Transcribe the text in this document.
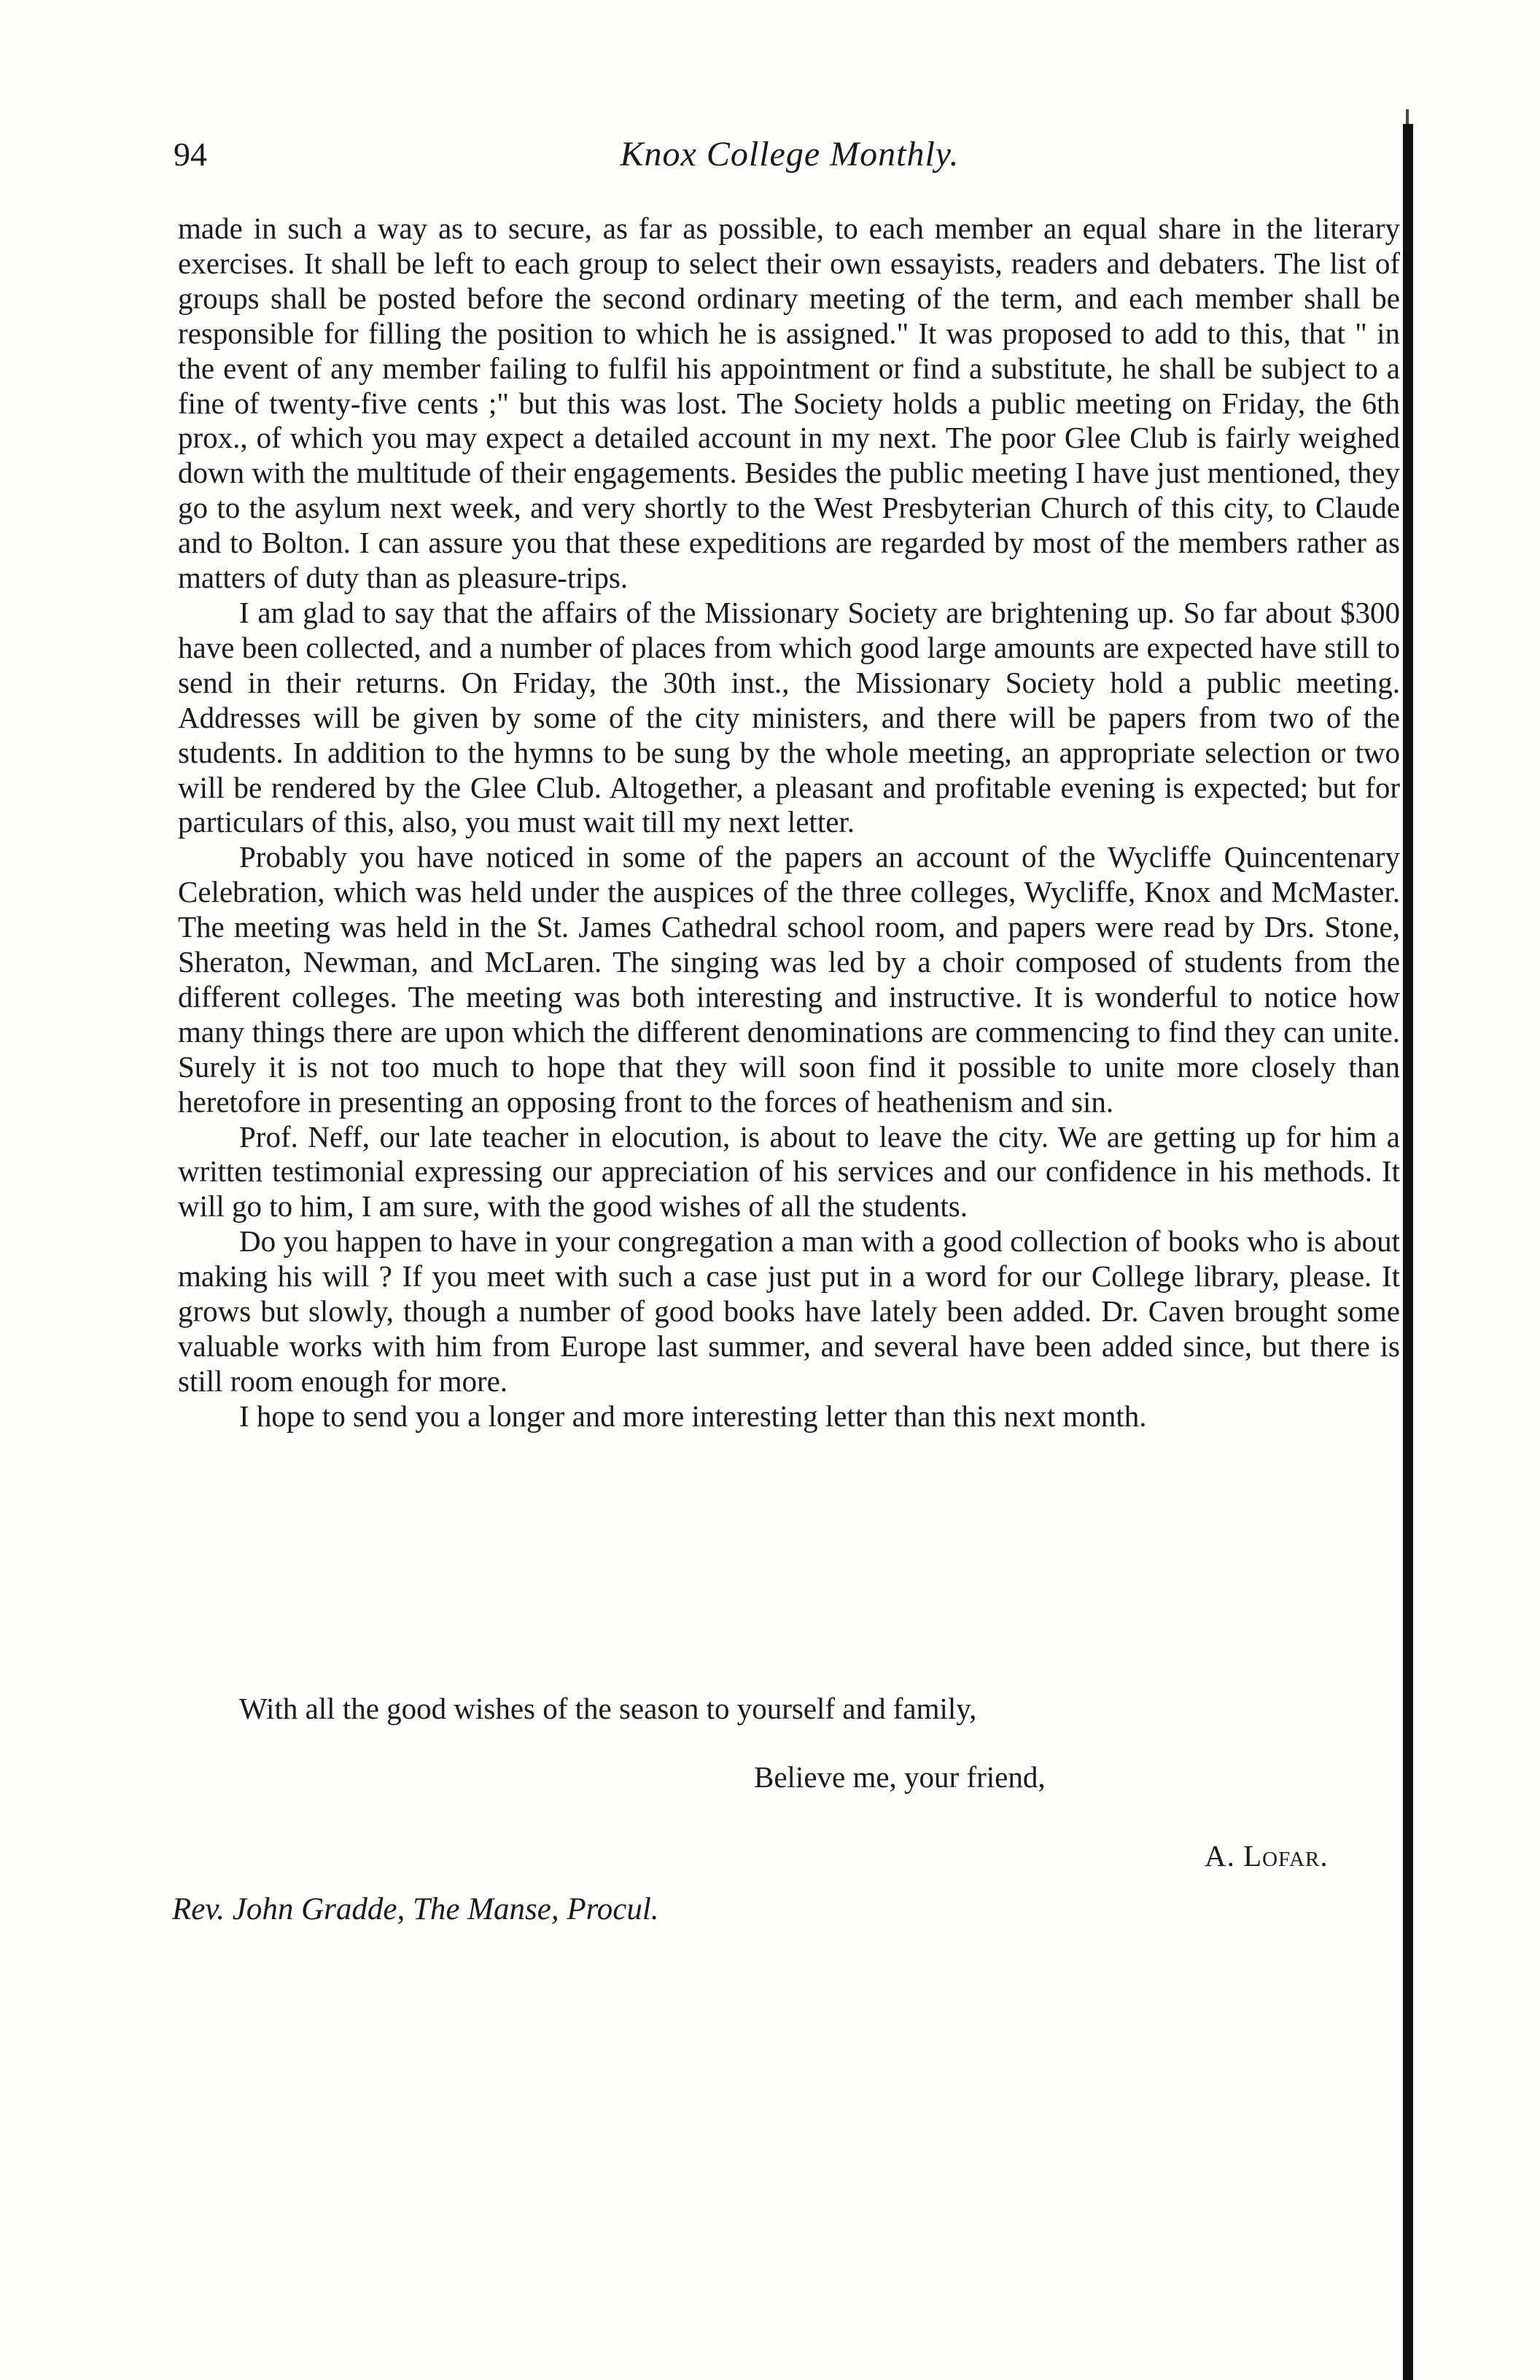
94	Knox College Monthly.

made in such a way as to secure, as far as possible, to each member an equal share in the literary exercises. It shall be left to each group to select their own essayists, readers and debaters. The list of groups shall be posted before the second ordinary meeting of the term, and each member shall be responsible for filling the position to which he is assigned." It was proposed to add to this, that " in the event of any member failing to fulfil his appointment or find a substitute, he shall be subject to a fine of twenty-five cents ;" but this was lost. The Society holds a public meeting on Friday, the 6th prox., of which you may expect a detailed account in my next. The poor Glee Club is fairly weighed down with the multitude of their engagements. Besides the public meeting I have just mentioned, they go to the asylum next week, and very shortly to the West Presbyterian Church of this city, to Claude and to Bolton. I can assure you that these expeditions are regarded by most of the members rather as matters of duty than as pleasure-trips.

I am glad to say that the affairs of the Missionary Society are brightening up. So far about $300 have been collected, and a number of places from which good large amounts are expected have still to send in their returns. On Friday, the 30th inst., the Missionary Society hold a public meeting. Addresses will be given by some of the city ministers, and there will be papers from two of the students. In addition to the hymns to be sung by the whole meeting, an appropriate selection or two will be rendered by the Glee Club. Altogether, a pleasant and profitable evening is expected; but for particulars of this, also, you must wait till my next letter.

Probably you have noticed in some of the papers an account of the Wycliffe Quincentenary Celebration, which was held under the auspices of the three colleges, Wycliffe, Knox and McMaster. The meeting was held in the St. James Cathedral school room, and papers were read by Drs. Stone, Sheraton, Newman, and McLaren. The singing was led by a choir composed of students from the different colleges. The meeting was both interesting and instructive. It is wonderful to notice how many things there are upon which the different denominations are commencing to find they can unite. Surely it is not too much to hope that they will soon find it possible to unite more closely than heretofore in presenting an opposing front to the forces of heathenism and sin.

Prof. Neff, our late teacher in elocution, is about to leave the city. We are getting up for him a written testimonial expressing our appreciation of his services and our confidence in his methods. It will go to him, I am sure, with the good wishes of all the students.

Do you happen to have in your congregation a man with a good collection of books who is about making his will ? If you meet with such a case just put in a word for our College library, please. It grows but slowly, though a number of good books have lately been added. Dr. Caven brought some valuable works with him from Europe last summer, and several have been added since, but there is still room enough for more.

I hope to send you a longer and more interesting letter than this next month.

With all the good wishes of the season to yourself and family,
Believe me, your friend,
A. Lofar.
Rev. John Gradde, The Manse, Procul.
